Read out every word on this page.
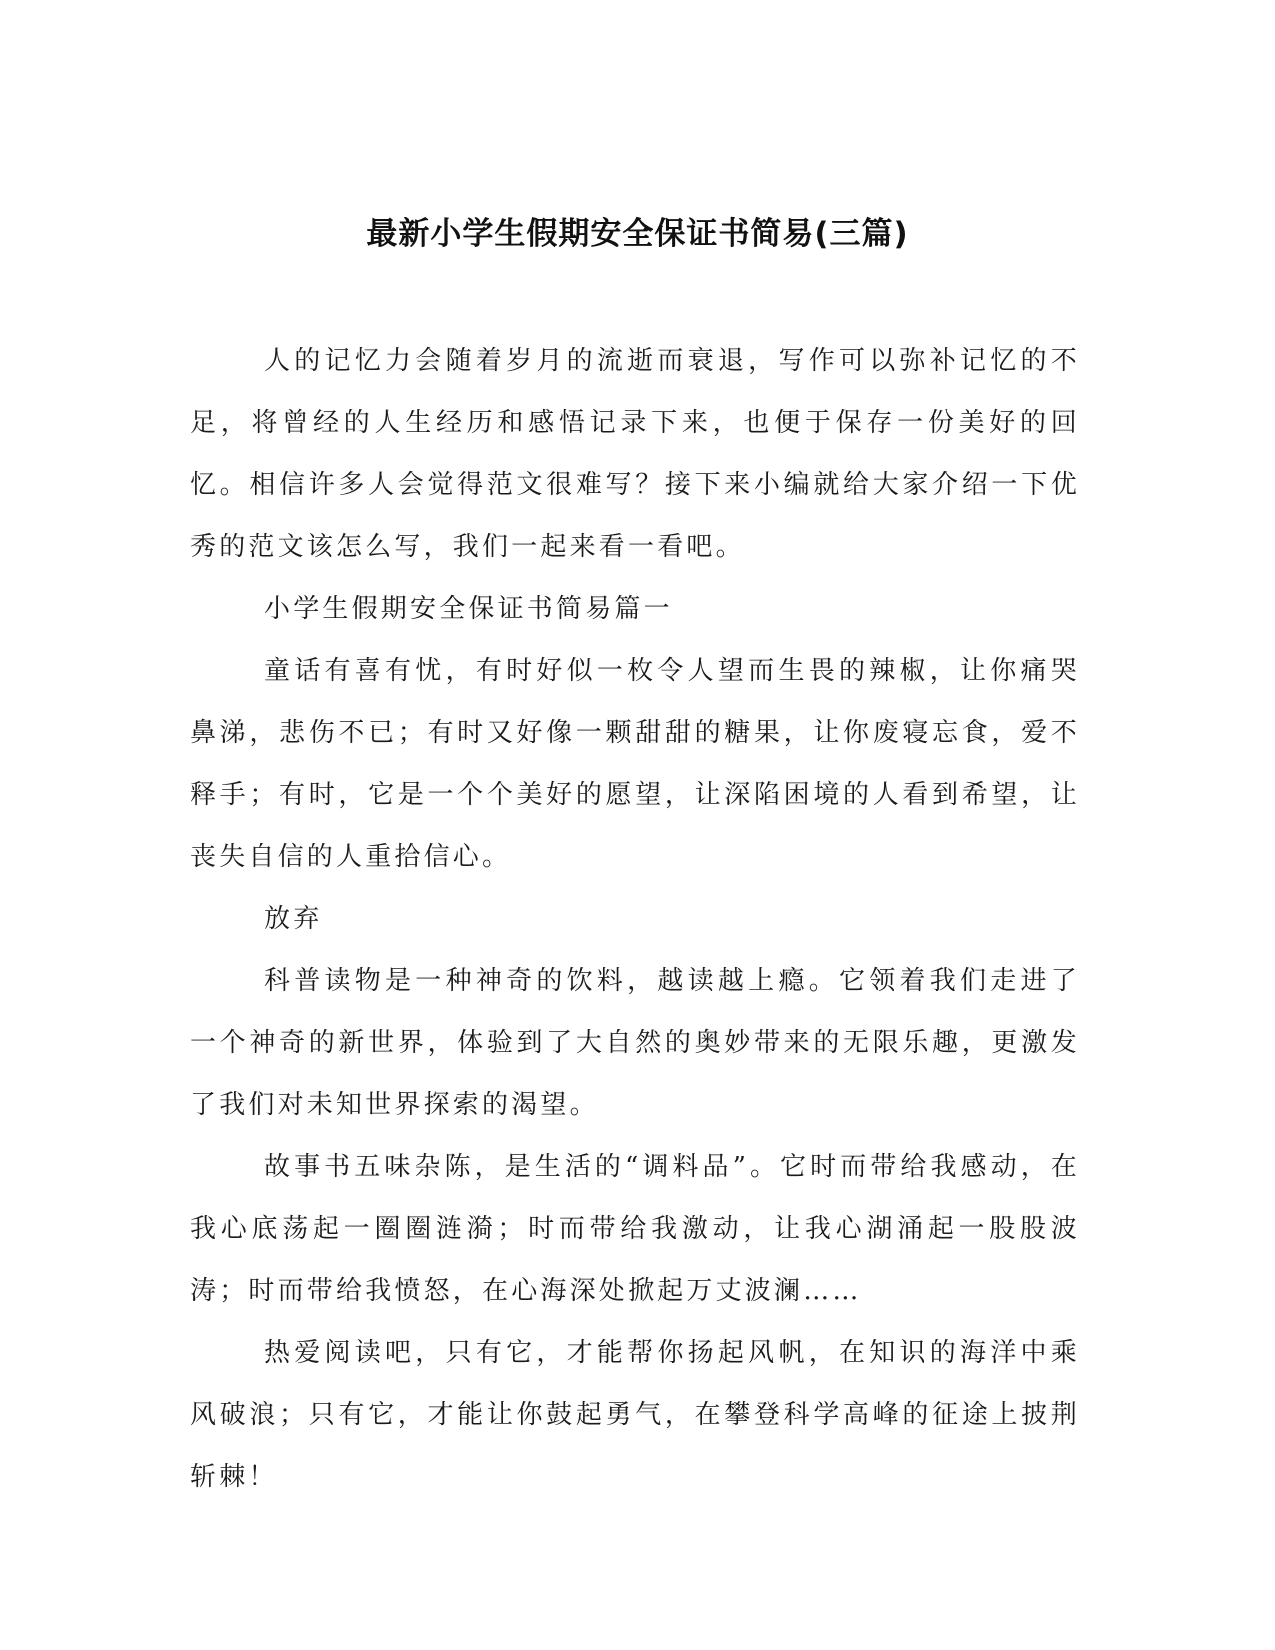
最新小学生假期安全保证书简易(三篇)

人的记忆力会随着岁月的流逝而衰退，写作可以弥补记忆的不足，将曾经的人生经历和感悟记录下来，也便于保存一份美好的回忆。相信许多人会觉得范文很难写？接下来小编就给大家介绍一下优秀的范文该怎么写，我们一起来看一看吧。

小学生假期安全保证书简易篇一

童话有喜有忧，有时好似一枚令人望而生畏的辣椒，让你痛哭鼻涕，悲伤不已；有时又好像一颗甜甜的糖果，让你废寝忘食，爱不释手；有时，它是一个个美好的愿望，让深陷困境的人看到希望，让丧失自信的人重拾信心。

放弃

科普读物是一种神奇的饮料，越读越上瘾。它领着我们走进了一个神奇的新世界，体验到了大自然的奥妙带来的无限乐趣，更激发了我们对未知世界探索的渴望。

故事书五味杂陈，是生活的“调料品”。它时而带给我感动，在我心底荡起一圈圈涟漪；时而带给我激动，让我心湖涌起一股股波涛；时而带给我愤怒，在心海深处掀起万丈波澜……

热爱阅读吧，只有它，才能帮你扬起风帆，在知识的海洋中乘风破浪；只有它，才能让你鼓起勇气，在攀登科学高峰的征途上披荆斩棘！
